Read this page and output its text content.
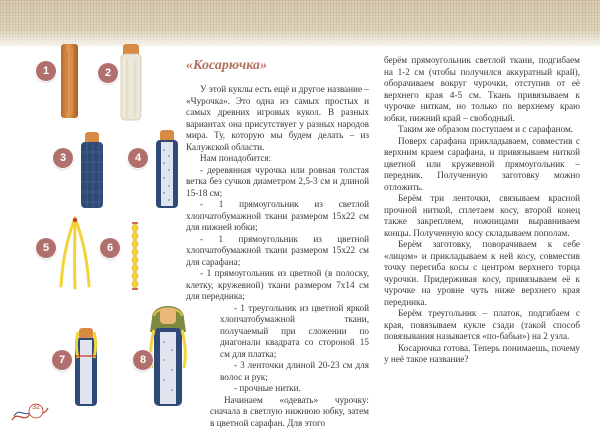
1	2
3	4
5	6
7	8
32
«Косарючка»

У этой куклы есть ещё и другое название – «Чурочка». Это одна из самых простых и самых древних игровых кукол. В разных вариантах она присутствует у разных народов мира. Ту, которую мы будем делать – из Калужской области.

Нам понадобится:

- деревянная чурочка или ровная толстая ветка без сучков диаметром 2,5-3 см и длиной 15-18 см;

- 1 прямоугольник из светлой хлопчатобумажной ткани размером 15х22 см для нижней юбки;

- 1 прямоугольник из цветной хлопчатобумажной ткани размером 15х22 см для сарафана;

- 1 прямоугольник из цветной (в полоску, клетку, кружевной) ткани размером 7х14 см для передника;

- 1 треугольник из цветной яркой хлопчатобумажной ткани, получаемый при сложении по диагонали квадрата со стороной 15 см для платка;

- 3 ленточки длиной 20-23 см для волос и рук;

- прочные нитки.

Начинаем «одевать» чурочку: сначала в светлую нижнюю юбку, затем в цветной сарафан. Для этого

берём прямоугольник светлой ткани, подгибаем на 1-2 см (чтобы получился аккуратный край), оборачиваем вокруг чурочки, отступив от её верхнего края 4-5 см. Ткань привязываем к чурочке ниткам, но только по верхнему краю юбки, нижний край – свободный.

Таким же образом поступаем и с сарафаном.

Поверх сарафана прикладываем, совместив с верхним краем сарафана, и привязываем ниткой цветной или кружевной прямоугольник – передник. Полученную заготовку можно отложить.

Берём три ленточки, связываем красной прочной ниткой, сплетаем косу, второй конец также закрепляем, ножницами выравниваем концы. Полученную косу складываем пополам.

Берём заготовку, поворачиваем к себе «лицом» и прикладываем к ней косу, совместив точку перегиба косы с центром верхнего торца чурочки. Придерживая косу, привязываем её к чурочке на уровне чуть ниже верхнего края передника.

Берём треугольник – платок, подгибаем с края, повязываем кукле сзади (такой способ повязывания называется «по-бабьи») на 2 узла.

Косарючка готова. Теперь понимаешь, почему у неё такое название?
